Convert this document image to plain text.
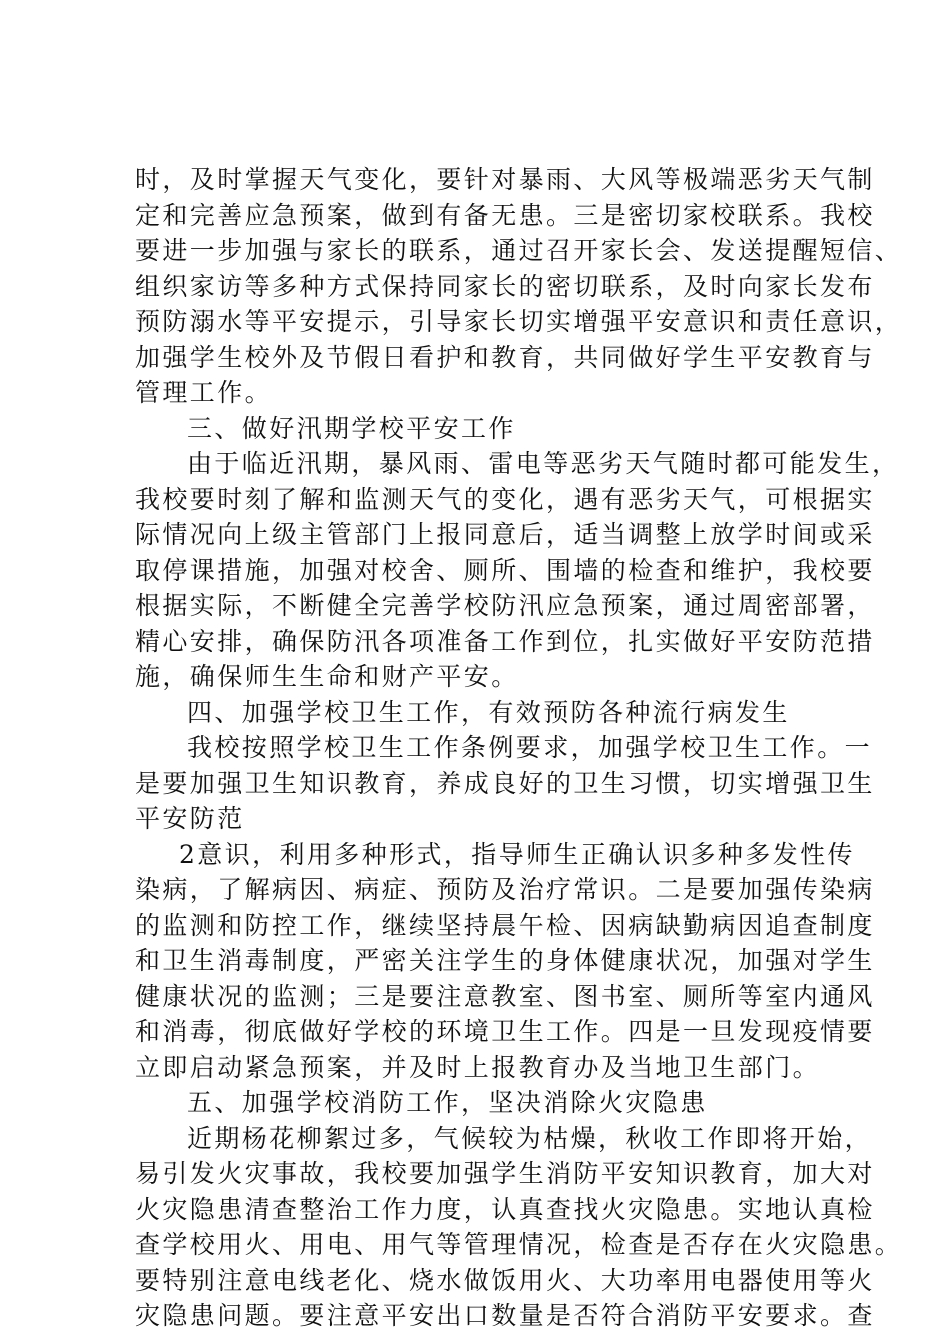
时，及时掌握天气变化，要针对暴雨、大风等极端恶劣天气制
定和完善应急预案，做到有备无患。三是密切家校联系。我校
要进一步加强与家长的联系，通过召开家长会、发送提醒短信、
组织家访等多种方式保持同家长的密切联系，及时向家长发布
预防溺水等平安提示，引导家长切实增强平安意识和责任意识，
加强学生校外及节假日看护和教育，共同做好学生平安教育与
管理工作。
三、做好汛期学校平安工作
由于临近汛期，暴风雨、雷电等恶劣天气随时都可能发生，
我校要时刻了解和监测天气的变化，遇有恶劣天气，可根据实
际情况向上级主管部门上报同意后，适当调整上放学时间或采
取停课措施，加强对校舍、厕所、围墙的检查和维护，我校要
根据实际，不断健全完善学校防汛应急预案，通过周密部署，
精心安排，确保防汛各项准备工作到位，扎实做好平安防范措
施，确保师生生命和财产平安。
四、加强学校卫生工作，有效预防各种流行病发生
我校按照学校卫生工作条例要求，加强学校卫生工作。一
是要加强卫生知识教育，养成良好的卫生习惯，切实增强卫生
平安防范
2意识，利用多种形式，指导师生正确认识多种多发性传
染病，了解病因、病症、预防及治疗常识。二是要加强传染病
的监测和防控工作，继续坚持晨午检、因病缺勤病因追查制度
和卫生消毒制度，严密关注学生的身体健康状况，加强对学生
健康状况的监测；三是要注意教室、图书室、厕所等室内通风
和消毒，彻底做好学校的环境卫生工作。四是一旦发现疫情要
立即启动紧急预案，并及时上报教育办及当地卫生部门。
五、加强学校消防工作，坚决消除火灾隐患
近期杨花柳絮过多，气候较为枯燥，秋收工作即将开始，
易引发火灾事故，我校要加强学生消防平安知识教育，加大对
火灾隐患清查整治工作力度，认真查找火灾隐患。实地认真检
查学校用火、用电、用气等管理情况，检查是否存在火灾隐患。
要特别注意电线老化、烧水做饭用火、大功率用电器使用等火
灾隐患问题。要注意平安出口数量是否符合消防平安要求。查
